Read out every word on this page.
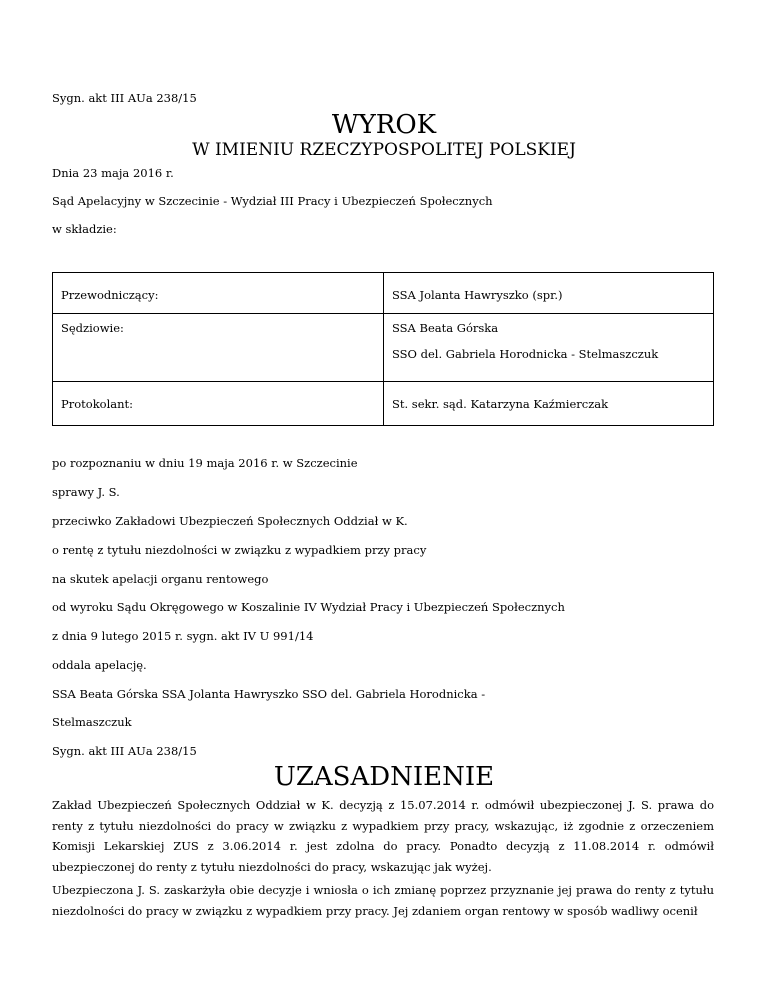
Sygn. akt III AUa 238/15
WYROK
W IMIENIU RZECZYPOSPOLITEJ POLSKIEJ
Dnia 23 maja 2016 r.
Sąd Apelacyjny w Szczecinie - Wydział III Pracy i Ubezpieczeń Społecznych
w składzie:
Przewodniczący:	SSA Jolanta Hawryszko (spr.)

Sędziowie:	SSA Beata Górska
SSO del. Gabriela Horodnicka - Stelmaszczuk

Protokolant:	St. sekr. sąd. Katarzyna Kaźmierczak
po rozpoznaniu w dniu 19 maja 2016 r. w Szczecinie
sprawy J. S.
przeciwko Zakładowi Ubezpieczeń Społecznych Oddział w K.
o rentę z tytułu niezdolności w związku z wypadkiem przy pracy
na skutek apelacji organu rentowego
od wyroku Sądu Okręgowego w Koszalinie IV Wydział Pracy i Ubezpieczeń Społecznych
z dnia 9 lutego 2015 r. sygn. akt IV U 991/14
oddala apelację.
SSA Beata Górska SSA Jolanta Hawryszko SSO del. Gabriela Horodnicka -
Stelmaszczuk
Sygn. akt III AUa 238/15
UZASADNIENIE
Zakład Ubezpieczeń Społecznych Oddział w K. decyzją z 15.07.2014 r. odmówił ubezpieczonej J. S. prawa do renty z tytułu niezdolności do pracy w związku z wypadkiem przy pracy, wskazując, iż zgodnie z orzeczeniem Komisji Lekarskiej ZUS z 3.06.2014 r. jest zdolna do pracy. Ponadto decyzją z 11.08.2014 r. odmówił ubezpieczonej do renty z tytułu niezdolności do pracy, wskazując jak wyżej.
Ubezpieczona J. S. zaskarżyła obie decyzje i wniosła o ich zmianę poprzez przyznanie jej prawa do renty z tytułu niezdolności do pracy w związku z wypadkiem przy pracy. Jej zdaniem organ rentowy w sposób wadliwy ocenił
